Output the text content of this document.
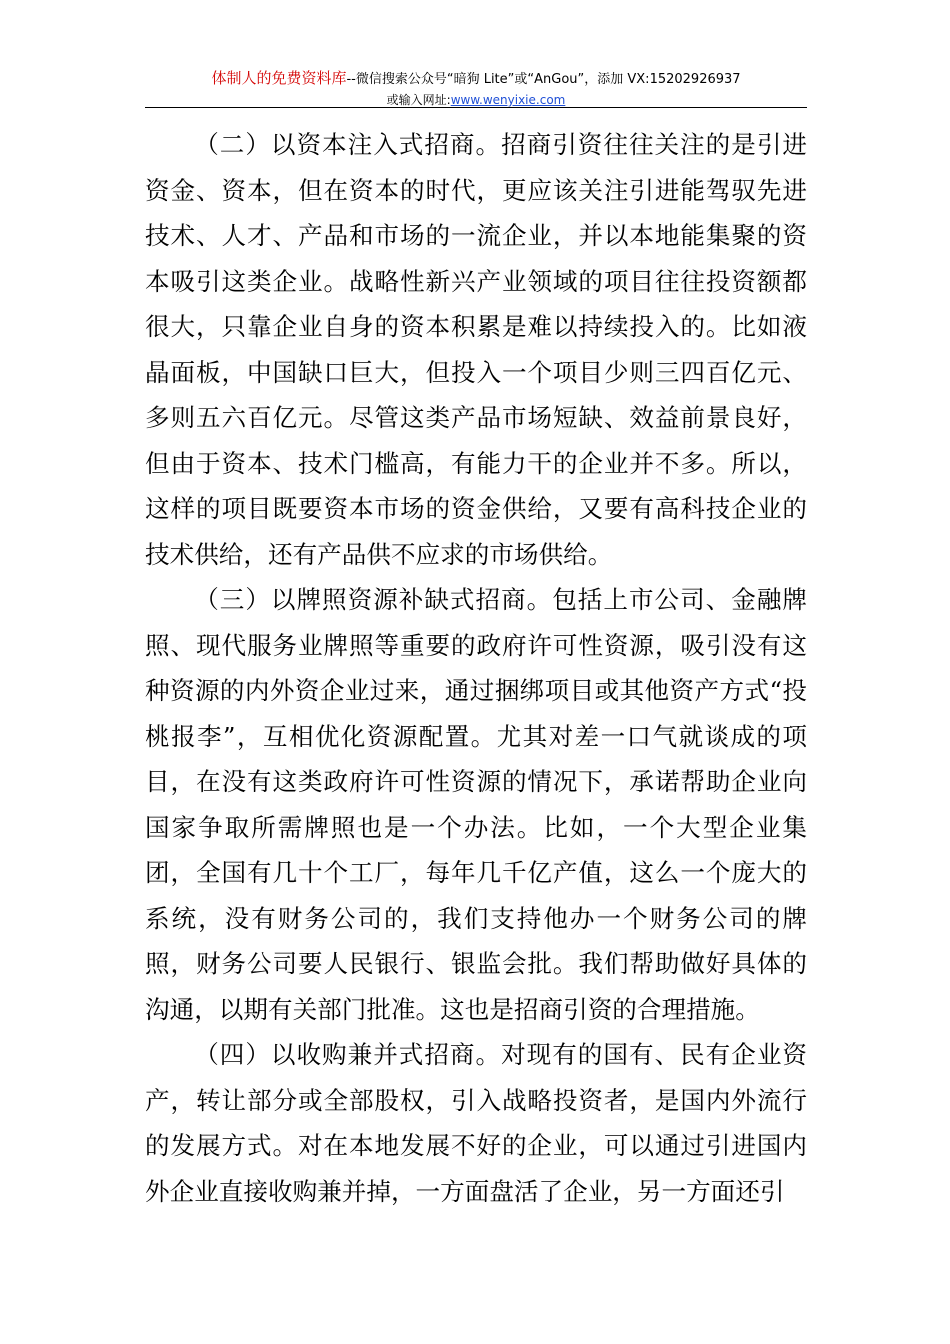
体制人的免费资料库--微信搜索公众号“暗狗 Lite”或“AnGou”，添加 VX:15202926937
或输入网址:www.wenyixie.com

（二）以资本注入式招商。招商引资往往关注的是引进资金、资本，但在资本的时代，更应该关注引进能驾驭先进技术、人才、产品和市场的一流企业，并以本地能集聚的资本吸引这类企业。战略性新兴产业领域的项目往往投资额都很大，只靠企业自身的资本积累是难以持续投入的。比如液晶面板，中国缺口巨大，但投入一个项目少则三四百亿元、多则五六百亿元。尽管这类产品市场短缺、效益前景良好，但由于资本、技术门槛高，有能力干的企业并不多。所以，这样的项目既要资本市场的资金供给，又要有高科技企业的技术供给，还有产品供不应求的市场供给。

（三）以牌照资源补缺式招商。包括上市公司、金融牌照、现代服务业牌照等重要的政府许可性资源，吸引没有这种资源的内外资企业过来，通过捆绑项目或其他资产方式“投桃报李”，互相优化资源配置。尤其对差一口气就谈成的项目，在没有这类政府许可性资源的情况下，承诺帮助企业向国家争取所需牌照也是一个办法。比如，一个大型企业集团，全国有几十个工厂，每年几千亿产值，这么一个庞大的系统，没有财务公司的，我们支持他办一个财务公司的牌照，财务公司要人民银行、银监会批。我们帮助做好具体的沟通，以期有关部门批准。这也是招商引资的合理措施。

（四）以收购兼并式招商。对现有的国有、民有企业资产，转让部分或全部股权，引入战略投资者，是国内外流行的发展方式。对在本地发展不好的企业，可以通过引进国内外企业直接收购兼并掉，一方面盘活了企业，另一方面还引
